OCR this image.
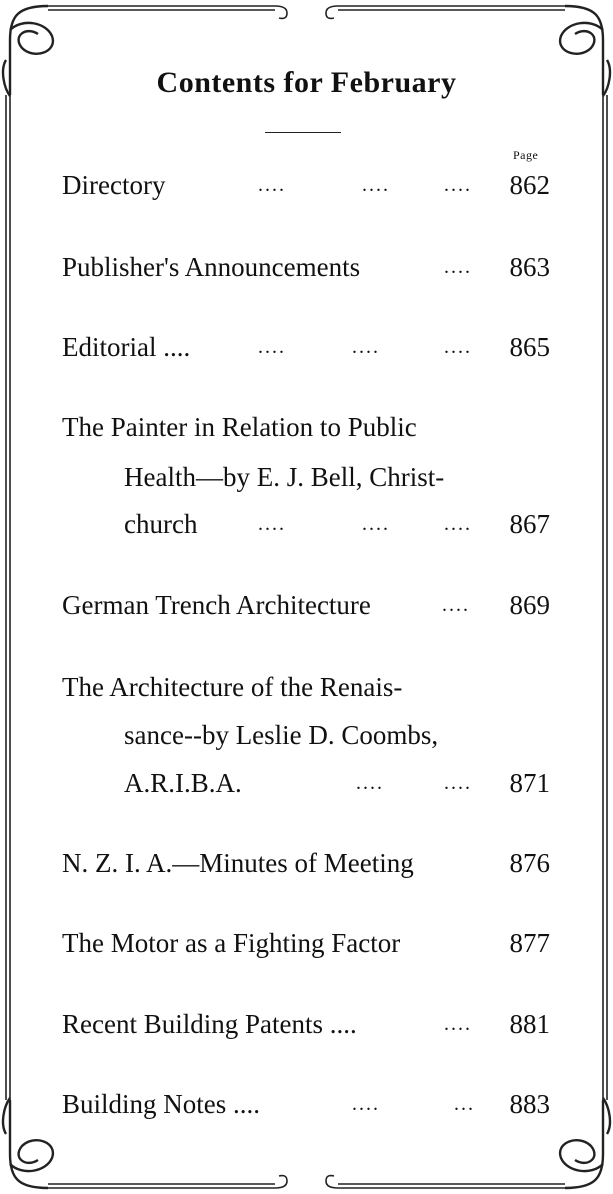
Contents for February
Page
Directory	....	....	.... 862
Publisher's Announcements	.... 863
Editorial ....	....	....	.... 865
The Painter in Relation to Public
Health—by E. J. Bell, Christ-
church	....	....	.... 867
German Trench Architecture	.... 869
The Architecture of the Renais-
sance--by Leslie D. Coombs,
A.R.I.B.A.	....	.... 871
N. Z. I. A.—Minutes of Meeting	876
The Motor as a Fighting Factor	877
Recent Building Patents ....	.... 881
Building Notes ....	....	... 883
